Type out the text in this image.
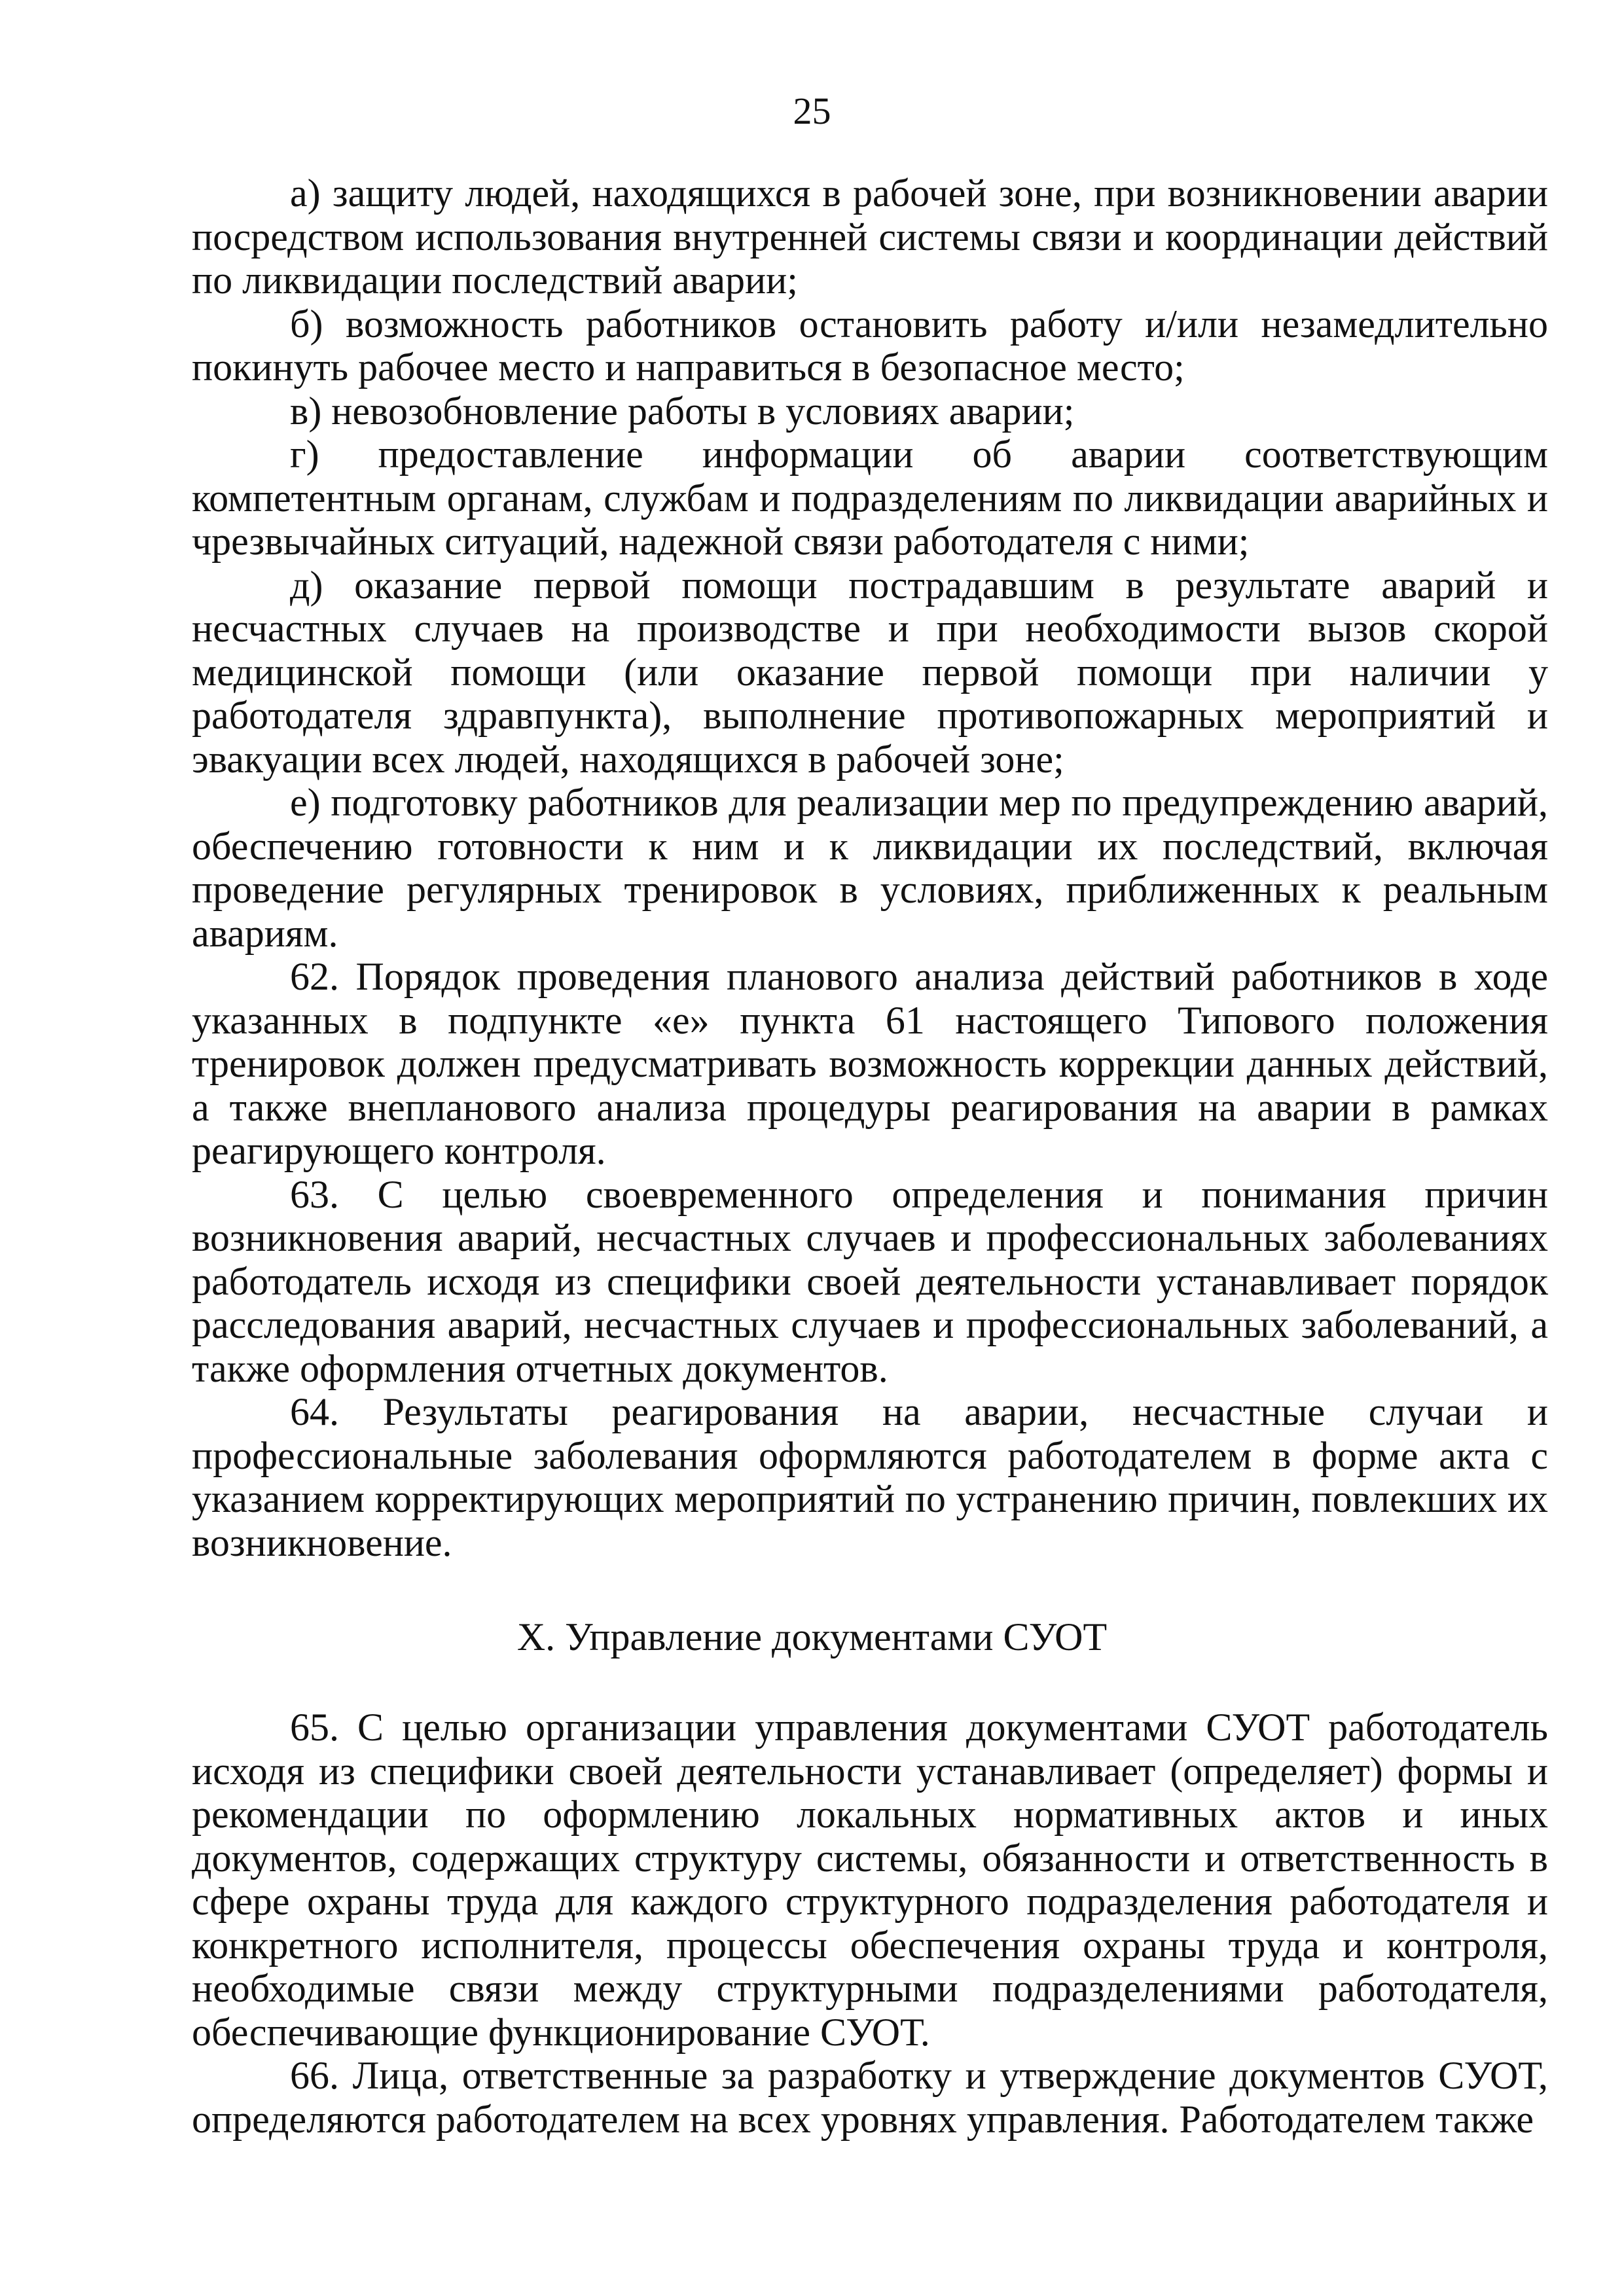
25

а) защиту людей, находящихся в рабочей зоне, при возникновении аварии посредством использования внутренней системы связи и координации действий по ликвидации последствий аварии;

б) возможность работников остановить работу и/или незамедлительно покинуть рабочее место и направиться в безопасное место;

в) невозобновление работы в условиях аварии;

г) предоставление информации об аварии соответствующим компетентным органам, службам и подразделениям по ликвидации аварийных и чрезвычайных ситуаций, надежной связи работодателя с ними;

д) оказание первой помощи пострадавшим в результате аварий и несчастных случаев на производстве и при необходимости вызов скорой медицинской помощи (или оказание первой помощи при наличии у работодателя здравпункта), выполнение противопожарных мероприятий и эвакуации всех людей, находящихся в рабочей зоне;

е) подготовку работников для реализации мер по предупреждению аварий, обеспечению готовности к ним и к ликвидации их последствий, включая проведение регулярных тренировок в условиях, приближенных к реальным авариям.

62. Порядок проведения планового анализа действий работников в ходе указанных в подпункте «е» пункта 61 настоящего Типового положения тренировок должен предусматривать возможность коррекции данных действий, а также внепланового анализа процедуры реагирования на аварии в рамках реагирующего контроля.

63. С целью своевременного определения и понимания причин возникновения аварий, несчастных случаев и профессиональных заболеваниях работодатель исходя из специфики своей деятельности устанавливает порядок расследования аварий, несчастных случаев и профессиональных заболеваний, а также оформления отчетных документов.

64. Результаты реагирования на аварии, несчастные случаи и профессиональные заболевания оформляются работодателем в форме акта с указанием корректирующих мероприятий по устранению причин, повлекших их возникновение.

X. Управление документами СУОТ

65. С целью организации управления документами СУОТ работодатель исходя из специфики своей деятельности устанавливает (определяет) формы и рекомендации по оформлению локальных нормативных актов и иных документов, содержащих структуру системы, обязанности и ответственность в сфере охраны труда для каждого структурного подразделения работодателя и конкретного исполнителя, процессы обеспечения охраны труда и контроля, необходимые связи между структурными подразделениями работодателя, обеспечивающие функционирование СУОТ.

66. Лица, ответственные за разработку и утверждение документов СУОТ, определяются работодателем на всех уровнях управления. Работодателем также
